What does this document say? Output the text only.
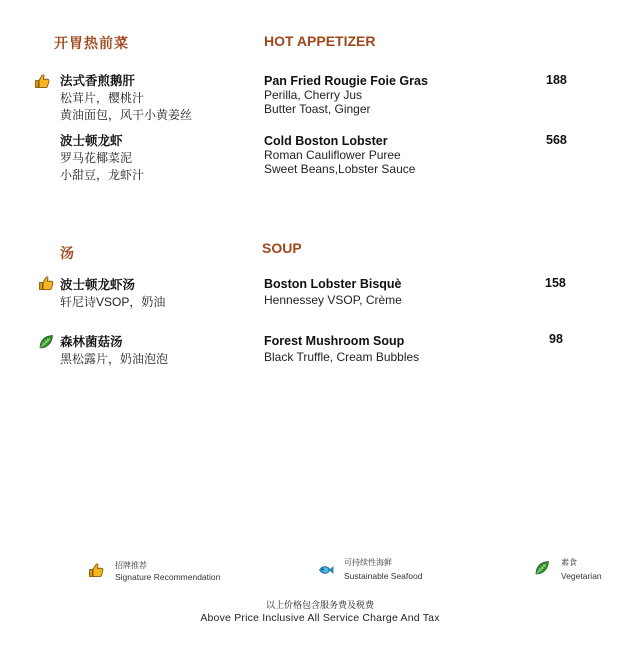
开胃热前菜	HOT APPETIZER
法式香煎鹅肝
松茸片，樱桃汁
黄油面包，风干小黄姜丝
Pan Fried Rougie Foie Gras
Perilla, Cherry Jus
Butter Toast, Ginger
188
波士顿龙虾
罗马花椰菜泥
小甜豆，龙虾汁
Cold Boston Lobster
Roman Cauliflower Puree
Sweet Beans,Lobster Sauce
568
汤	SOUP
波士顿龙虾汤
轩尼诗VSOP，奶油
Boston Lobster Bisquè
Hennessey VSOP, Crème
158
森林菌菇汤
黑松露片，奶油泡泡
Forest Mushroom Soup
Black Truffle, Cream Bubbles
98
招牌推荐
Signature Recommendation
可持续性海鲜
Sustainable Seafood
素食
Vegetarian
以上价格包含服务费及税费
Above Price Inclusive All Service Charge And Tax
